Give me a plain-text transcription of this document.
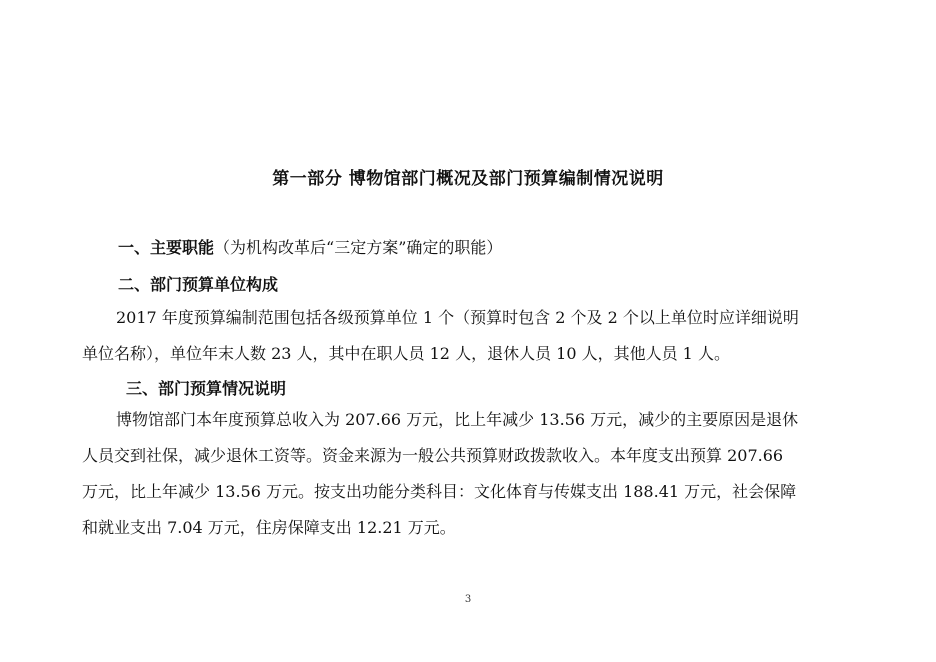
第一部分 博物馆部门概况及部门预算编制情况说明
一、主要职能（为机构改革后“三定方案”确定的职能）
二、部门预算单位构成
2017 年度预算编制范围包括各级预算单位 1 个（预算时包含 2 个及 2 个以上单位时应详细说明
单位名称），单位年末人数 23 人，其中在职人员 12 人，退休人员 10 人，其他人员 1 人。
三、部门预算情况说明
博物馆部门本年度预算总收入为 207.66 万元，比上年减少 13.56 万元，减少的主要原因是退休
人员交到社保，减少退休工资等。资金来源为一般公共预算财政拨款收入。本年度支出预算 207.66
万元，比上年减少 13.56 万元。按支出功能分类科目：文化体育与传媒支出 188.41 万元，社会保障
和就业支出 7.04 万元，住房保障支出 12.21 万元。
3
